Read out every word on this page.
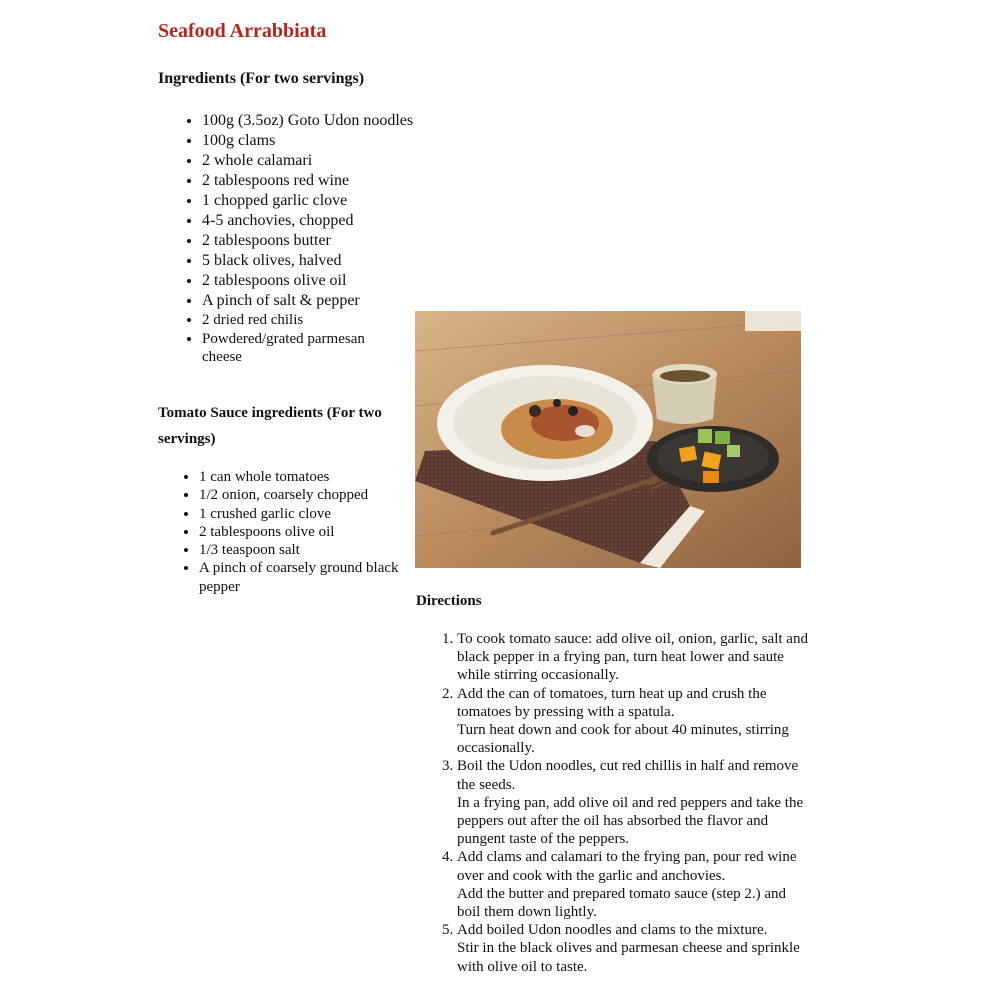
Seafood Arrabbiata
Ingredients (For two servings)
• 100g (3.5oz) Goto Udon noodles
• 100g clams
• 2 whole calamari
• 2 tablespoons red wine
• 1 chopped garlic clove
• 4-5 anchovies, chopped
• 2 tablespoons butter
• 5 black olives, halved
• 2 tablespoons olive oil
• A pinch of salt & pepper
• 2 dried red chilis
• Powdered/grated parmesan cheese
Tomato Sauce ingredients (For two servings)
• 1 can whole tomatoes
• 1/2 onion, coarsely chopped
• 1 crushed garlic clove
• 2 tablespoons olive oil
• 1/3 teaspoon salt
• A pinch of coarsely ground black pepper
Directions
1. To cook tomato sauce: add olive oil, onion, garlic, salt and black pepper in a frying pan, turn heat lower and saute while stirring occasionally.
2. Add the can of tomatoes, turn heat up and crush the tomatoes by pressing with a spatula.
Turn heat down and cook for about 40 minutes, stirring occasionally.
3. Boil the Udon noodles, cut red chillis in half and remove the seeds.
In a frying pan, add olive oil and red peppers and take the peppers out after the oil has absorbed the flavor and pungent taste of the peppers.
4. Add clams and calamari to the frying pan, pour red wine over and cook with the garlic and anchovies.
Add the butter and prepared tomato sauce (step 2.) and boil them down lightly.
5. Add boiled Udon noodles and clams to the mixture.
Stir in the black olives and parmesan cheese and sprinkle with olive oil to taste.
